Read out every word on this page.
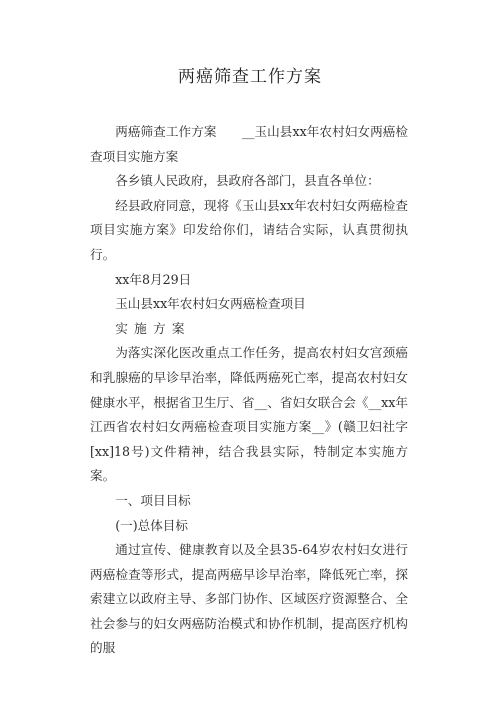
两癌筛查工作方案

两癌筛查工作方案　　__玉山县xx年农村妇女两癌检查项目实施方案

各乡镇人民政府，县政府各部门，县直各单位：

经县政府同意，现将《玉山县xx年农村妇女两癌检查项目实施方案》印发给你们，请结合实际，认真贯彻执行。

xx年8月29日

玉山县xx年农村妇女两癌检查项目

实施方案

为落实深化医改重点工作任务，提高农村妇女宫颈癌和乳腺癌的早诊早治率，降低两癌死亡率，提高农村妇女健康水平，根据省卫生厅、省__、省妇女联合会《__xx年江西省农村妇女两癌检查项目实施方案__》(赣卫妇社字[xx]18号)文件精神，结合我县实际，特制定本实施方案。

一、项目目标

(一)总体目标

通过宣传、健康教育以及全县35-64岁农村妇女进行两癌检查等形式，提高两癌早诊早治率，降低死亡率，探索建立以政府主导、多部门协作、区域医疗资源整合、全社会参与的妇女两癌防治模式和协作机制，提高医疗机构的服
